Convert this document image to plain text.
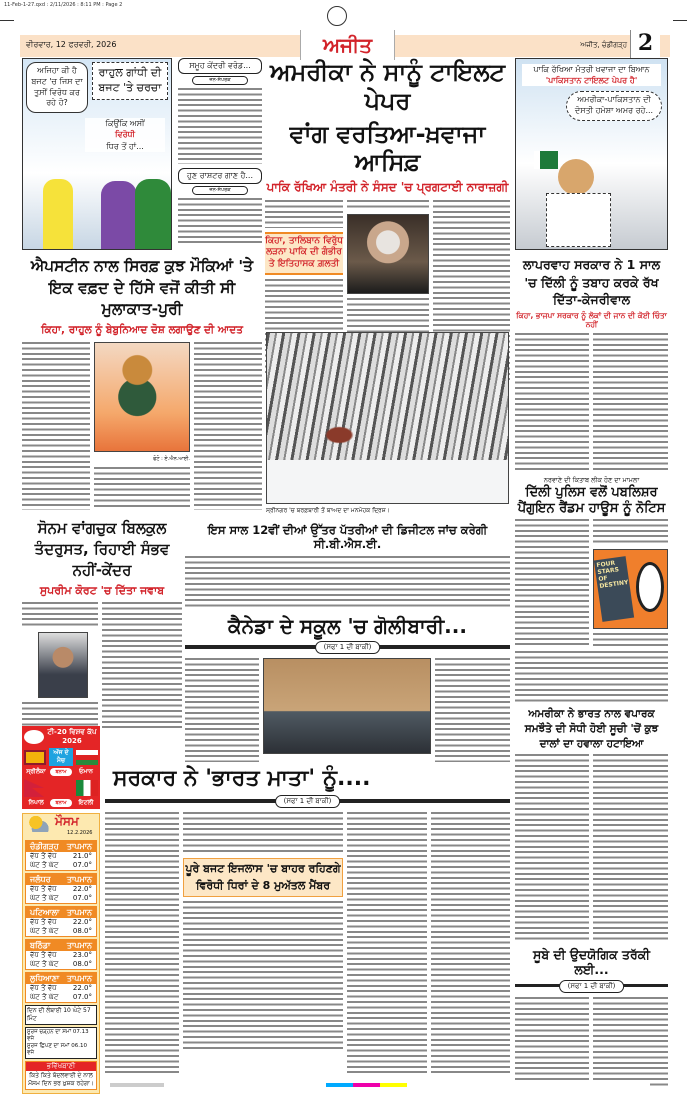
11-Feb-1-27.qxd : 2/11/2026 : 8:11 PM : Page 2
ਵੀਰਵਾਰ, 12 ਫਰਵਰੀ, 2026	ਅਜੀਤ	ਅਜੀਤ, ਚੰਡੀਗੜ੍ਹ 2
ਅਜਿਹਾ ਕੀ ਹੈ ਬਜਟ 'ਚ ਜਿਸ ਦਾ ਤੁਸੀਂ ਵਿਰੋਧ ਕਰ ਰਹੇ ਹੋ?
ਰਾਹੁਲ ਗਾਂਧੀ ਦੀ ਬਜਟ 'ਤੇ ਚਰਚਾ
ਕਿਉਂਕਿ ਅਸੀਂ
ਵਿਰੋਧੀ
ਧਿਰ ਤੋਂ ਹਾਂ...
ਸਮੂਹ ਕੇਂਦਰੀ ਵਰੋਡ...
ਜਨ-ਸੰਪਰਕ
ਹੁਣ ਰਾਸ਼ਟਰ ਗਾਣ ਹੈ...
ਜਨ-ਸੰਪਰਕ
ਅਮਰੀਕਾ ਨੇ ਸਾਨੂੰ ਟਾਇਲਟ ਪੇਪਰ
ਵਾਂਗ ਵਰਤਿਆ-ਖ਼ਵਾਜਾ ਆਸਿਫ਼
ਪਾਕਿ ਰੱਖਿਆ ਮੰਤਰੀ ਨੇ ਸੰਸਦ 'ਚ ਪ੍ਰਗਟਾਈ ਨਾਰਾਜ਼ਗੀ
ਕਿਹਾ, ਤਾਲਿਬਾਨ ਵਿਰੁੱਧ ਲੜਨਾ ਪਾਕਿ ਦੀ ਗੰਭੀਰ ਤੇ ਇਤਿਹਾਸਕ ਗ਼ਲਤੀ
ਪਾਕਿ ਰੱਖਿਆ ਮੰਤਰੀ ਖਵਾਜਾ ਦਾ ਬਿਆਨ
'ਪਾਕਿਸਤਾਨ ਟਾਇਲਟ ਪੇਪਰ ਹੈ'
ਅਮਰੀਕਾ-ਪਾਕਿਸਤਾਨ ਦੀ ਦੋਸਤੀ ਹਮੇਸ਼ਾ ਅਮਰ ਰਹੇ...
ਐਪਸਟੀਨ ਨਾਲ ਸਿਰਫ਼ ਕੁਝ ਮੌਕਿਆਂ 'ਤੇ ਇਕ ਵਫ਼ਦ ਦੇ ਹਿੱਸੇ ਵਜੋਂ ਕੀਤੀ ਸੀ ਮੁਲਾਕਾਤ-ਪੁਰੀ
ਕਿਹਾ, ਰਾਹੁਲ ਨੂੰ ਬੇਬੁਨਿਆਦ ਦੋਸ਼ ਲਗਾਉਣ ਦੀ ਆਦਤ
ਫੋਟੋ : ਏ.ਐਨ.ਆਈ.
ਸ੍ਰੀਨਗਰ 'ਚ ਬਰਫ਼ਬਾਰੀ ਤੋਂ ਬਾਅਦ ਦਾ ਮਨਮੋਹਕ ਦ੍ਰਿਸ਼।
ਲਾਪਰਵਾਹ ਸਰਕਾਰ ਨੇ 1 ਸਾਲ 'ਚ ਦਿੱਲੀ ਨੂੰ ਤਬਾਹ ਕਰਕੇ ਰੱਖ ਦਿੱਤਾ-ਕੇਜਰੀਵਾਲ
ਕਿਹਾ, ਭਾਜਪਾ ਸਰਕਾਰ ਨੂੰ ਲੋਕਾਂ ਦੀ ਜਾਨ ਦੀ ਕੋਈ ਚਿੰਤਾ ਨਹੀਂ
ਨਰਵਾਣੇ ਦੀ ਕਿਤਾਬ ਲੀਕ ਹੋਣ ਦਾ ਮਾਮਲਾ
ਦਿੱਲੀ ਪੁਲਿਸ ਵਲੋਂ ਪਬਲਿਸ਼ਰ ਪੈਂਗੁਇਨ ਰੈਂਡਮ ਹਾਊਸ ਨੂੰ ਨੋਟਿਸ
FOUR STARS OF DESTINY
ਅਮਰੀਕਾ ਨੇ ਭਾਰਤ ਨਾਲ ਵਪਾਰਕ ਸਮਝੌਤੇ ਦੀ ਸੋਧੀ ਹੋਈ ਸੂਚੀ 'ਚੋਂ ਕੁਝ ਦਾਲਾਂ ਦਾ ਹਵਾਲਾ ਹਟਾਇਆ
ਸੂਬੇ ਦੀ ਉਦਯੋਗਿਕ ਤਰੱਕੀ ਲਈ...
(ਸਫਾ 1 ਦੀ ਬਾਕੀ)
ਸੋਨਮ ਵਾਂਗਚੁਕ ਬਿਲਕੁਲ ਤੰਦਰੁਸਤ, ਰਿਹਾਈ ਸੰਭਵ ਨਹੀਂ-ਕੇਂਦਰ
ਸੁਪਰੀਮ ਕੋਰਟ 'ਚ ਦਿੱਤਾ ਜਵਾਬ
ਇਸ ਸਾਲ 12ਵੀਂ ਦੀਆਂ ਉੱਤਰ ਪੱਤਰੀਆਂ ਦੀ ਡਿਜੀਟਲ ਜਾਂਚ ਕਰੇਗੀ ਸੀ.ਬੀ.ਐਸ.ਈ.
ਕੈਨੇਡਾ ਦੇ ਸਕੂਲ 'ਚ ਗੋਲੀਬਾਰੀ...
(ਸਫਾ 1 ਦੀ ਬਾਕੀ)
ਸਰਕਾਰ ਨੇ 'ਭਾਰਤ ਮਾਤਾ' ਨੂੰ....
(ਸਫਾ 1 ਦੀ ਬਾਕੀ)
ਪੂਰੇ ਬਜਟ ਇਜਲਾਸ 'ਚ ਬਾਹਰ ਰਹਿਣਗੇ ਵਿਰੋਧੀ ਧਿਰਾਂ ਦੇ 8 ਮੁਅੱਤਲ ਮੈਂਬਰ
ਟੀ-20 ਵਿਸ਼ਵ ਕੱਪ 2026
ਅੱਜ ਦੇ ਮੈਚ
ਸ੍ਰੀਲੰਕਾ	ਬਨਾਮ	ਓਮਾਨ
ਨਿਪਾਲ	ਬਨਾਮ	ਇਟਲੀ
ਮੌਸਮ
12.2.2026
ਚੰਡੀਗੜ੍ਹ ਤਾਪਮਾਨ
ਵੱਧ ਤੋਂ ਵੱਧ 21.0°
ਘੱਟ ਤੋਂ ਘੱਟ 07.0°
ਜਲੰਧਰ ਤਾਪਮਾਨ
ਵੱਧ ਤੋਂ ਵੱਧ 22.0°
ਘੱਟ ਤੋਂ ਘੱਟ 07.0°
ਪਟਿਆਲਾ ਤਾਪਮਾਨ
ਵੱਧ ਤੋਂ ਵੱਧ 22.0°
ਘੱਟ ਤੋਂ ਘੱਟ 08.0°
ਬਠਿੰਡਾ ਤਾਪਮਾਨ
ਵੱਧ ਤੋਂ ਵੱਧ 23.0°
ਘੱਟ ਤੋਂ ਘੱਟ 08.0°
ਲੁਧਿਆਣਾ ਤਾਪਮਾਨ
ਵੱਧ ਤੋਂ ਵੱਧ 22.0°
ਘੱਟ ਤੋਂ ਘੱਟ 07.0°
ਦਿਨ ਦੀ ਲੰਬਾਈ 10 ਘੰਟੇ 57 ਮਿੰਟ
ਸੂਰਜ ਚੜ੍ਹਨ ਦਾ ਸਮਾਂ 07.13 ਵਜੇ
ਸੂਰਜ ਛਿਪਣ ਦਾ ਸਮਾਂ 06.10 ਵਜੇ
ਭਵਿੱਖਬਾਣੀ
ਕਿਤੇ ਕਿਤੇ ਬੱਦਲਵਾਈ ਦੇ ਨਾਲ ਮੌਸਮ ਦਿਨ ਭਰ ਖ਼ੁਸ਼ਕ ਰਹੇਗਾ।
